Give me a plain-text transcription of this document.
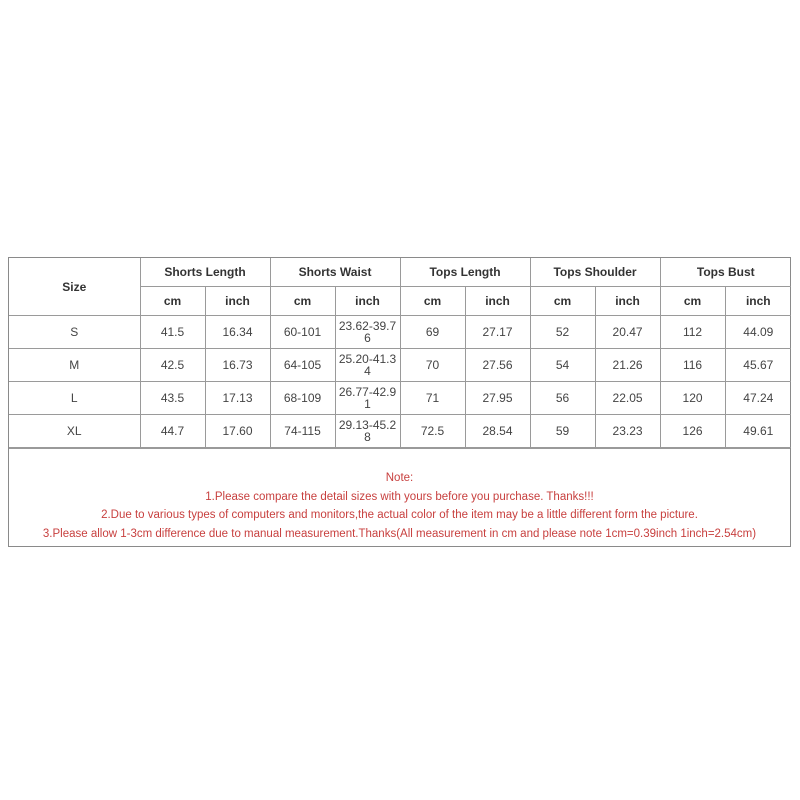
Size	Shorts Length		Shorts Waist		Tops Length		Tops Shoulder		Tops Bust	
	cm	inch	cm	inch	cm	inch	cm	inch	cm	inch
S	41.5	16.34	60-101	23.62-39.76	69	27.17	52	20.47	112	44.09
M	42.5	16.73	64-105	25.20-41.34	70	27.56	54	21.26	116	45.67
L	43.5	17.13	68-109	26.77-42.91	71	27.95	56	22.05	120	47.24
XL	44.7	17.60	74-115	29.13-45.28	72.5	28.54	59	23.23	126	49.61
Note:
1.Please compare the detail sizes with yours before you purchase. Thanks!!!
2.Due to various types of computers and monitors,the actual color of the item may be a little different form the picture.
3.Please allow 1-3cm difference due to manual measurement.Thanks(All measurement in cm and please note 1cm=0.39inch 1inch=2.54cm)
